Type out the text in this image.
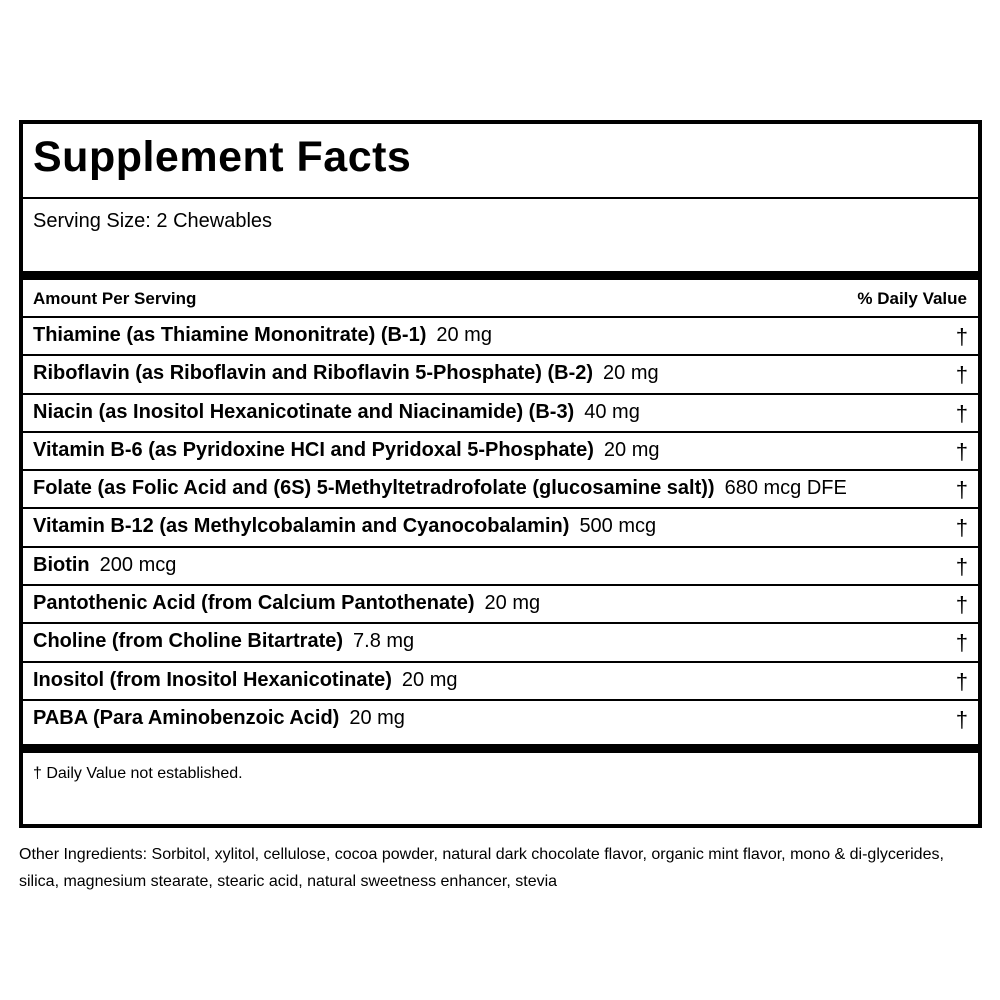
Supplement Facts
Serving Size: 2 Chewables
Amount Per Serving	% Daily Value
Thiamine (as Thiamine Mononitrate) (B-1) 20 mg	†
Riboflavin (as Riboflavin and Riboflavin 5-Phosphate) (B-2) 20 mg	†
Niacin (as Inositol Hexanicotinate and Niacinamide) (B-3) 40 mg	†
Vitamin B-6 (as Pyridoxine HCI and Pyridoxal 5-Phosphate) 20 mg	†
Folate (as Folic Acid and (6S) 5-Methyltetradrofolate (glucosamine salt)) 680 mcg DFE	†
Vitamin B-12 (as Methylcobalamin and Cyanocobalamin) 500 mcg	†
Biotin 200 mcg	†
Pantothenic Acid (from Calcium Pantothenate) 20 mg	†
Choline (from Choline Bitartrate) 7.8 mg	†
Inositol (from Inositol Hexanicotinate) 20 mg	†
PABA (Para Aminobenzoic Acid) 20 mg	†
† Daily Value not established.

Other Ingredients: Sorbitol, xylitol, cellulose, cocoa powder, natural dark chocolate flavor, organic mint flavor, mono & di-glycerides, silica, magnesium stearate, stearic acid, natural sweetness enhancer, stevia
